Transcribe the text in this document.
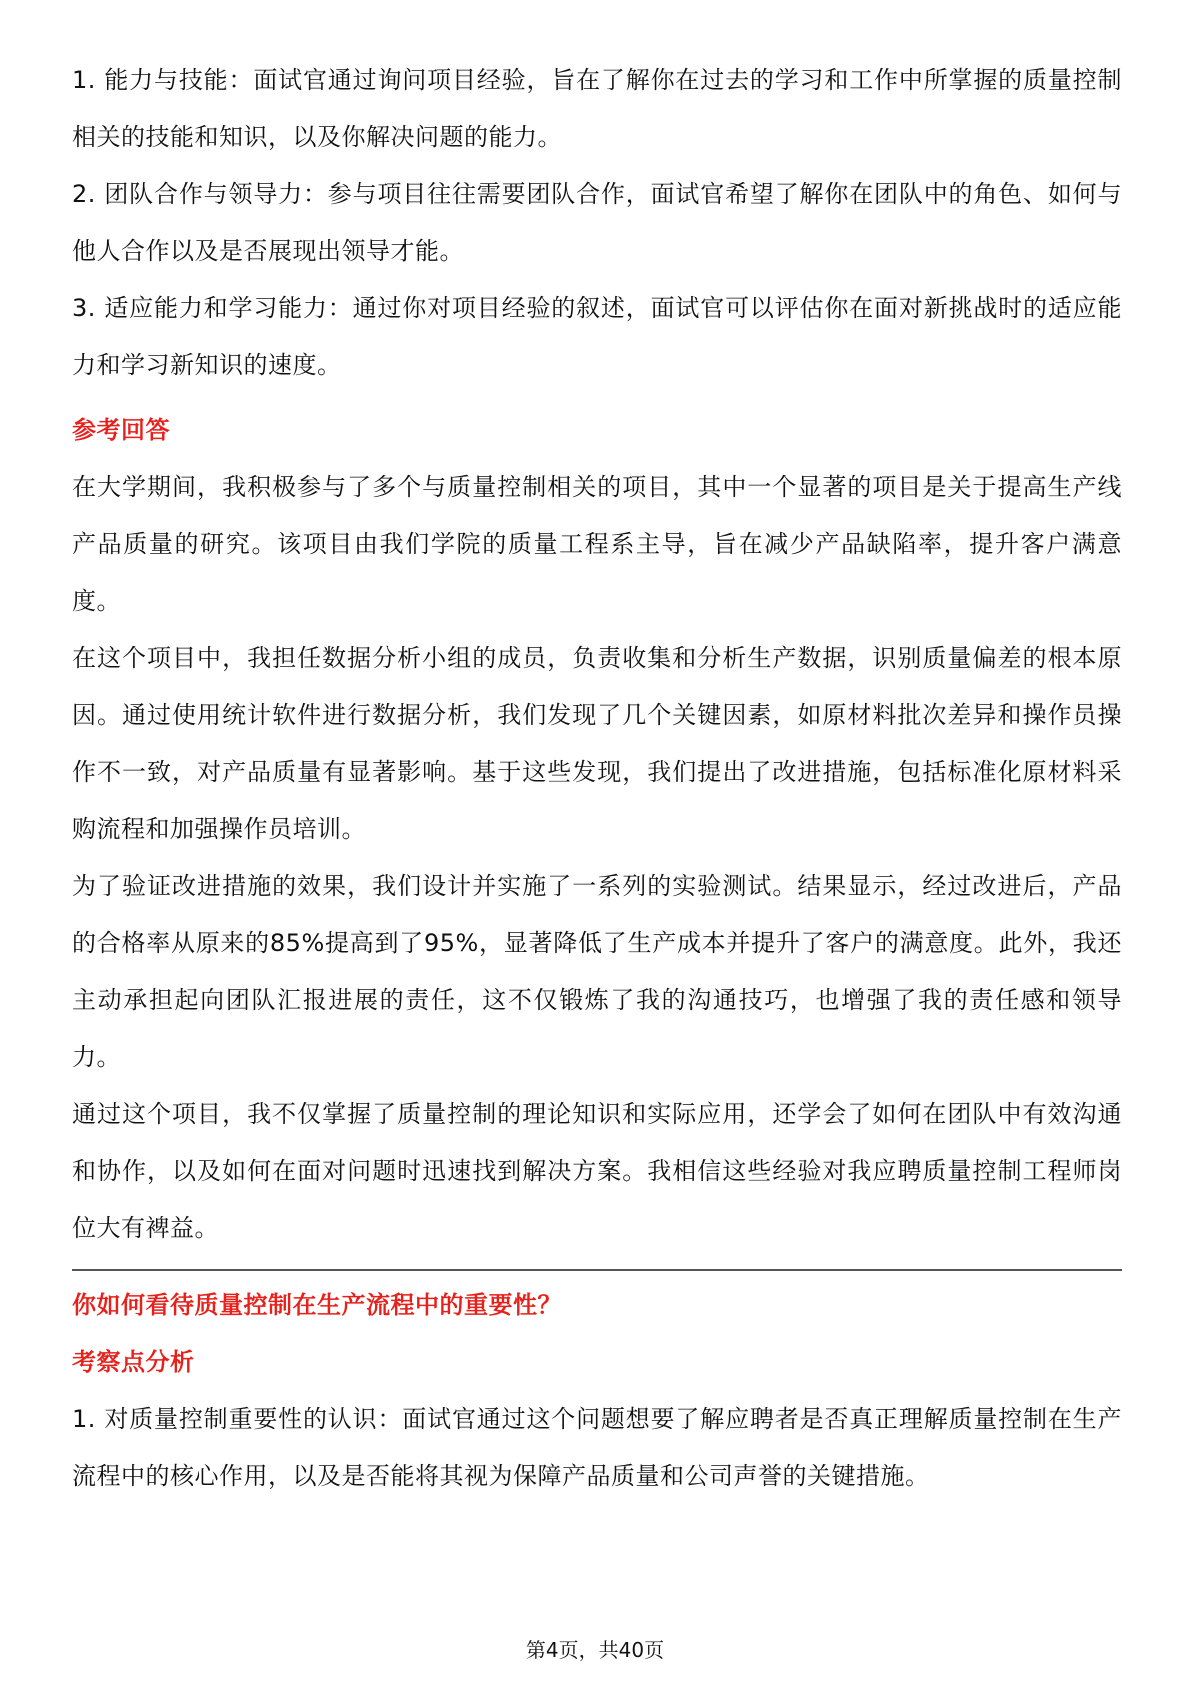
1. 能力与技能：面试官通过询问项目经验，旨在了解你在过去的学习和工作中所掌握的质量控制相关的技能和知识，以及你解决问题的能力。

2. 团队合作与领导力：参与项目往往需要团队合作，面试官希望了解你在团队中的角色、如何与他人合作以及是否展现出领导才能。

3. 适应能力和学习能力：通过你对项目经验的叙述，面试官可以评估你在面对新挑战时的适应能力和学习新知识的速度。

参考回答

在大学期间，我积极参与了多个与质量控制相关的项目，其中一个显著的项目是关于提高生产线产品质量的研究。该项目由我们学院的质量工程系主导，旨在减少产品缺陷率，提升客户满意度。

在这个项目中，我担任数据分析小组的成员，负责收集和分析生产数据，识别质量偏差的根本原因。通过使用统计软件进行数据分析，我们发现了几个关键因素，如原材料批次差异和操作员操作不一致，对产品质量有显著影响。基于这些发现，我们提出了改进措施，包括标准化原材料采购流程和加强操作员培训。

为了验证改进措施的效果，我们设计并实施了一系列的实验测试。结果显示，经过改进后，产品的合格率从原来的85%提高到了95%，显著降低了生产成本并提升了客户的满意度。此外，我还主动承担起向团队汇报进展的责任，这不仅锻炼了我的沟通技巧，也增强了我的责任感和领导力。

通过这个项目，我不仅掌握了质量控制的理论知识和实际应用，还学会了如何在团队中有效沟通和协作，以及如何在面对问题时迅速找到解决方案。我相信这些经验对我应聘质量控制工程师岗位大有裨益。

你如何看待质量控制在生产流程中的重要性？

考察点分析

1. 对质量控制重要性的认识：面试官通过这个问题想要了解应聘者是否真正理解质量控制在生产流程中的核心作用，以及是否能将其视为保障产品质量和公司声誉的关键措施。

第4页，共40页
